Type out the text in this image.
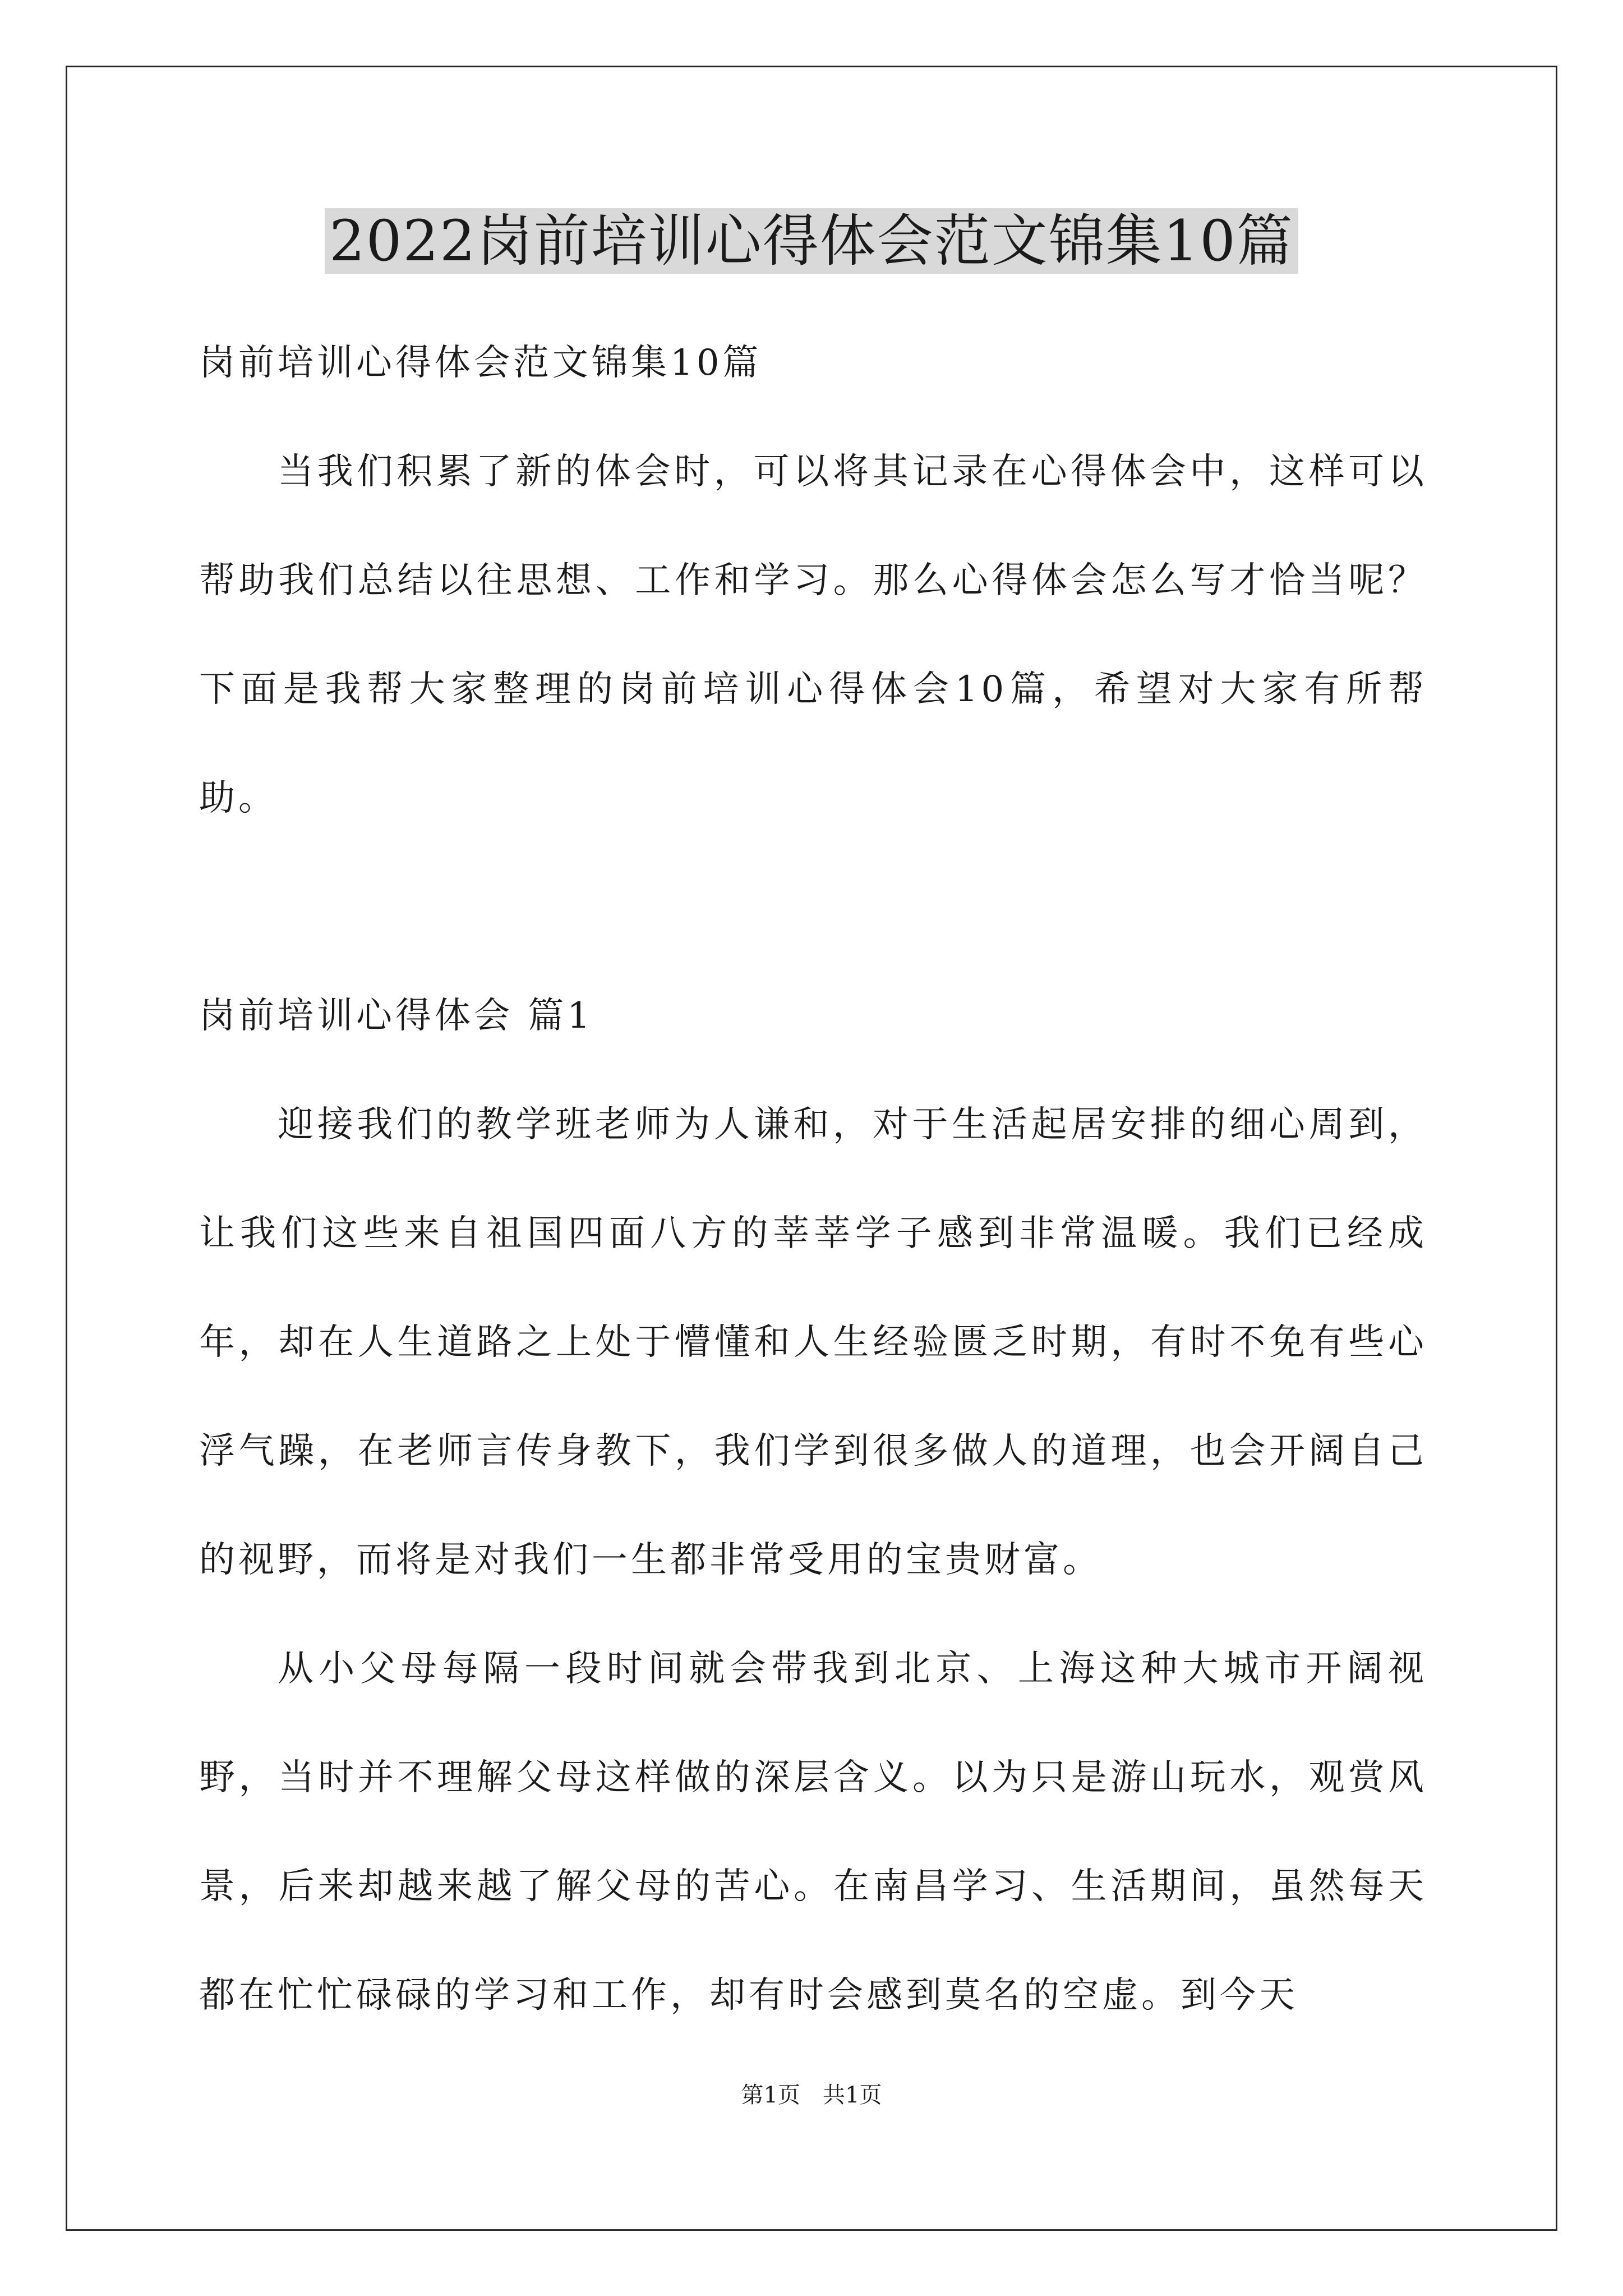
2022岗前培训心得体会范文锦集10篇
岗前培训心得体会范文锦集10篇

当我们积累了新的体会时，可以将其记录在心得体会中，这样可以帮助我们总结以往思想、工作和学习。那么心得体会怎么写才恰当呢？下面是我帮大家整理的岗前培训心得体会10篇，希望对大家有所帮助。

岗前培训心得体会 篇1

迎接我们的教学班老师为人谦和，对于生活起居安排的细心周到，让我们这些来自祖国四面八方的莘莘学子感到非常温暖。我们已经成年，却在人生道路之上处于懵懂和人生经验匮乏时期，有时不免有些心浮气躁，在老师言传身教下，我们学到很多做人的道理，也会开阔自己的视野，而将是对我们一生都非常受用的宝贵财富。

从小父母每隔一段时间就会带我到北京、上海这种大城市开阔视野，当时并不理解父母这样做的深层含义。以为只是游山玩水，观赏风景，后来却越来越了解父母的苦心。在南昌学习、生活期间，虽然每天都在忙忙碌碌的学习和工作，却有时会感到莫名的空虚。到今天

第1页 共1页
